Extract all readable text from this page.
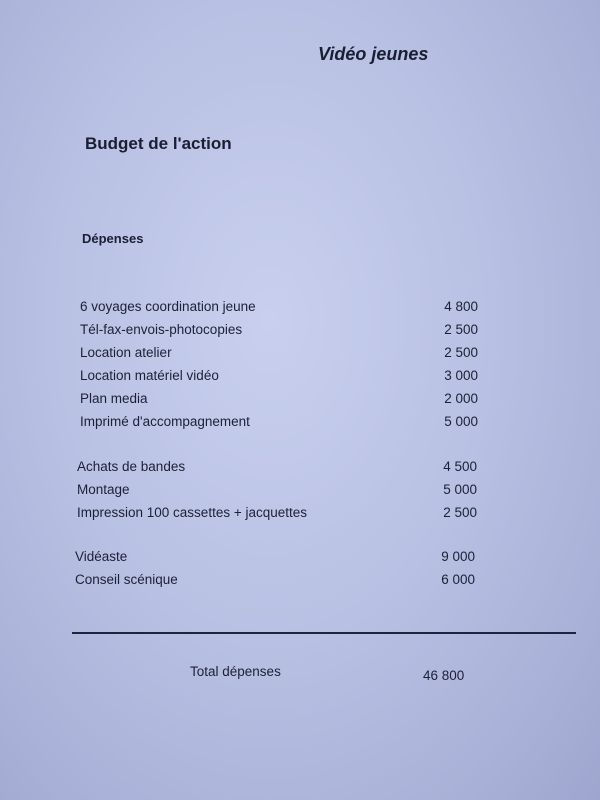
Vidéo jeunes
Budget de l'action
Dépenses
6 voyages coordination jeune	4 800
Tél-fax-envois-photocopies	2 500
Location atelier	2 500
Location matériel vidéo	3 000
Plan media	2 000
Imprimé d'accompagnement	5 000
Achats de bandes	4 500
Montage	5 000
Impression 100 cassettes + jacquettes	2 500
Vidéaste	9 000
Conseil scénique	6 000
Total dépenses	46 800
